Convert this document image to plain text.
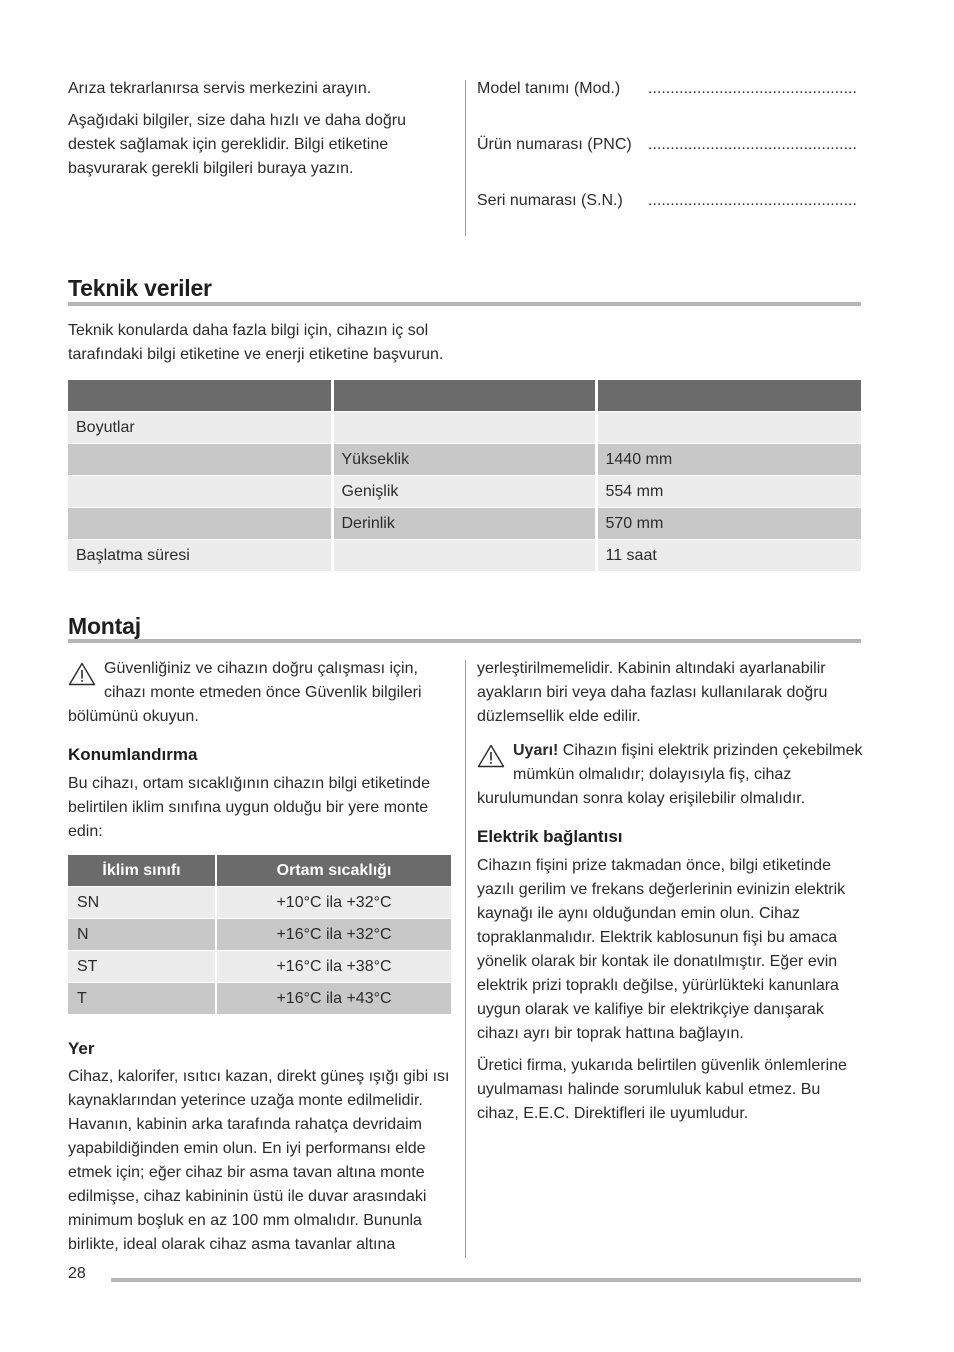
Arıza tekrarlanırsa servis merkezini arayın.

Aşağıdaki bilgiler, size daha hızlı ve daha doğru destek sağlamak için gereklidir. Bilgi etiketine başvurarak gerekli bilgileri buraya yazın.

Model tanımı (Mod.)	...............................................
Ürün numarası (PNC)	...............................................
Seri numarası (S.N.)	...............................................
Teknik veriler

Teknik konularda daha fazla bilgi için, cihazın iç sol tarafındaki bilgi etiketine ve enerji etiketine başvurun.

Boyutlar		
	Yükseklik	1440 mm
	Genişlik	554 mm
	Derinlik	570 mm
Başlatma süresi		11 saat
Montaj

Güvenliğiniz ve cihazın doğru çalışması için,

cihazı monte etmeden önce Güvenlik bilgileri

bölümünü okuyun.

Konumlandırma

Bu cihazı, ortam sıcaklığının cihazın bilgi etiketinde belirtilen iklim sınıfına uygun olduğu bir yere monte edin:

İklim sınıfı	Ortam sıcaklığı
SN	+10°C ila +32°C
N	+16°C ila +32°C
ST	+16°C ila +38°C
T	+16°C ila +43°C
Yer

Cihaz, kalorifer, ısıtıcı kazan, direkt güneş ışığı gibi ısı kaynaklarından yeterince uzağa monte edilmelidir. Havanın, kabinin arka tarafında rahatça devridaim yapabildiğinden emin olun. En iyi performansı elde etmek için; eğer cihaz bir asma tavan altına monte edilmişse, cihaz kabininin üstü ile duvar arasındaki minimum boşluk en az 100 mm olmalıdır. Bununla birlikte, ideal olarak cihaz asma tavanlar altına

yerleştirilmemelidir. Kabinin altındaki ayarlanabilir ayakların biri veya daha fazlası kullanılarak doğru düzlemsellik elde edilir.

Uyarı! Cihazın fişini elektrik prizinden çekebilmek

mümkün olmalıdır; dolayısıyla fiş, cihaz

kurulumundan sonra kolay erişilebilir olmalıdır.

Elektrik bağlantısı

Cihazın fişini prize takmadan önce, bilgi etiketinde yazılı gerilim ve frekans değerlerinin evinizin elektrik kaynağı ile aynı olduğundan emin olun. Cihaz topraklanmalıdır. Elektrik kablosunun fişi bu amaca yönelik olarak bir kontak ile donatılmıştır. Eğer evin elektrik prizi topraklı değilse, yürürlükteki kanunlara uygun olarak ve kalifiye bir elektrikçiye danışarak cihazı ayrı bir toprak hattına bağlayın.

Üretici firma, yukarıda belirtilen güvenlik önlemlerine uyulmaması halinde sorumluluk kabul etmez. Bu cihaz, E.E.C. Direktifleri ile uyumludur.

28
